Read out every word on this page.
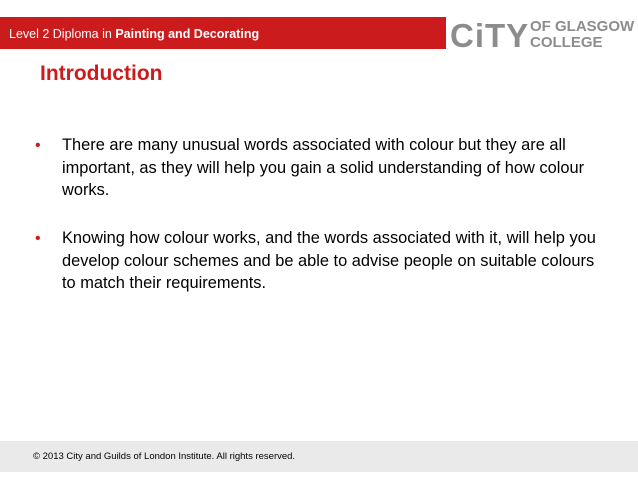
Level 2 Diploma in Painting and Decorating	CiTY OF GLASGOW
COLLEGE
Introduction
• There are many unusual words associated with colour but they are all important, as they will help you gain a solid understanding of how colour works.
• Knowing how colour works, and the words associated with it, will help you develop colour schemes and be able to advise people on suitable colours to match their requirements.
© 2013 City and Guilds of London Institute. All rights reserved.
